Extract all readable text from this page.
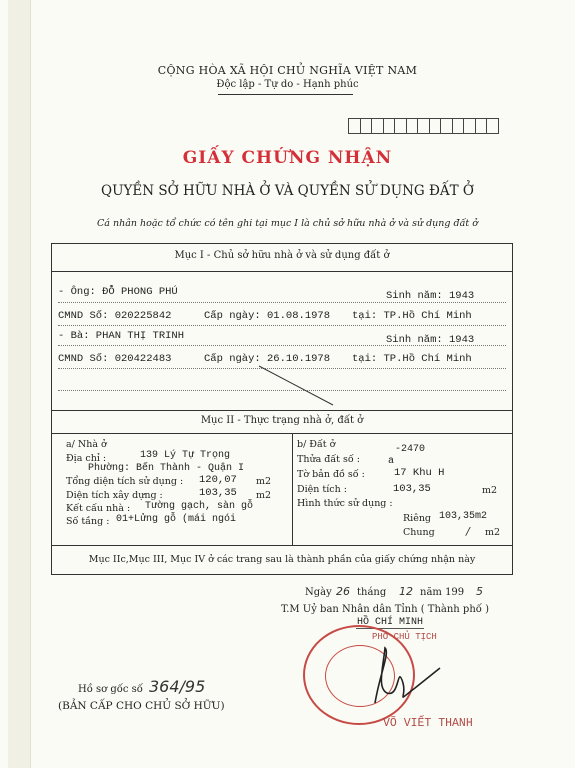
CỘNG HÒA XÃ HỘI CHỦ NGHĨA VIỆT NAM
Độc lập - Tự do - Hạnh phúc
GIẤY CHỨNG NHẬN
QUYỀN SỞ HỮU NHÀ Ở VÀ QUYỀN SỬ DỤNG ĐẤT Ở
Cá nhân hoặc tổ chức có tên ghi tại mục I là chủ sở hữu nhà ở và sử dụng đất ở
Mục I - Chủ sở hữu nhà ở và sử dụng đất ở
- Ông: ĐỖ PHONG PHÚ	Sinh năm: 1943
CMND Số: 020225842	Cấp ngày: 01.08.1978 tại: TP.Hồ Chí Minh
- Bà: PHAN THỊ TRINH	Sinh năm: 1943
CMND Số: 020422483	Cấp ngày: 26.10.1978 tại: TP.Hồ Chí Minh
Mục II - Thực trạng nhà ở, đất ở
a/ Nhà ở
Địa chỉ :	139 Lý Tự Trọng
Phường: Bến Thành - Quận I
Tổng diện tích sử dụng : 120,07 m2
Diện tích xây dựng :	103,35 m2
Kết cấu nhà : Tường gạch, sàn gỗ
Số tầng : 01+Lửng gỗ (mái ngói
b/ Đất ở
Thửa đất số :	a
-2470
Tờ bản đồ số :	17 Khu H
Diện tích :	103,35	m2
Hình thức sử dụng :
Riêng 103,35m2
Chung	/ m2
Mục IIc,Mục III, Mục IV ở các trang sau là thành phần của giấy chứng nhận này
Ngày 26 tháng 12 năm 199 5
T.M Uỷ ban Nhân dân Tỉnh ( Thành phố )
HỒ CHÍ MINH
PHÓ CHỦ TỊCH
VÕ VIẾT THANH
Hồ sơ gốc số 364/95
(BẢN CẤP CHO CHỦ SỞ HỮU)
